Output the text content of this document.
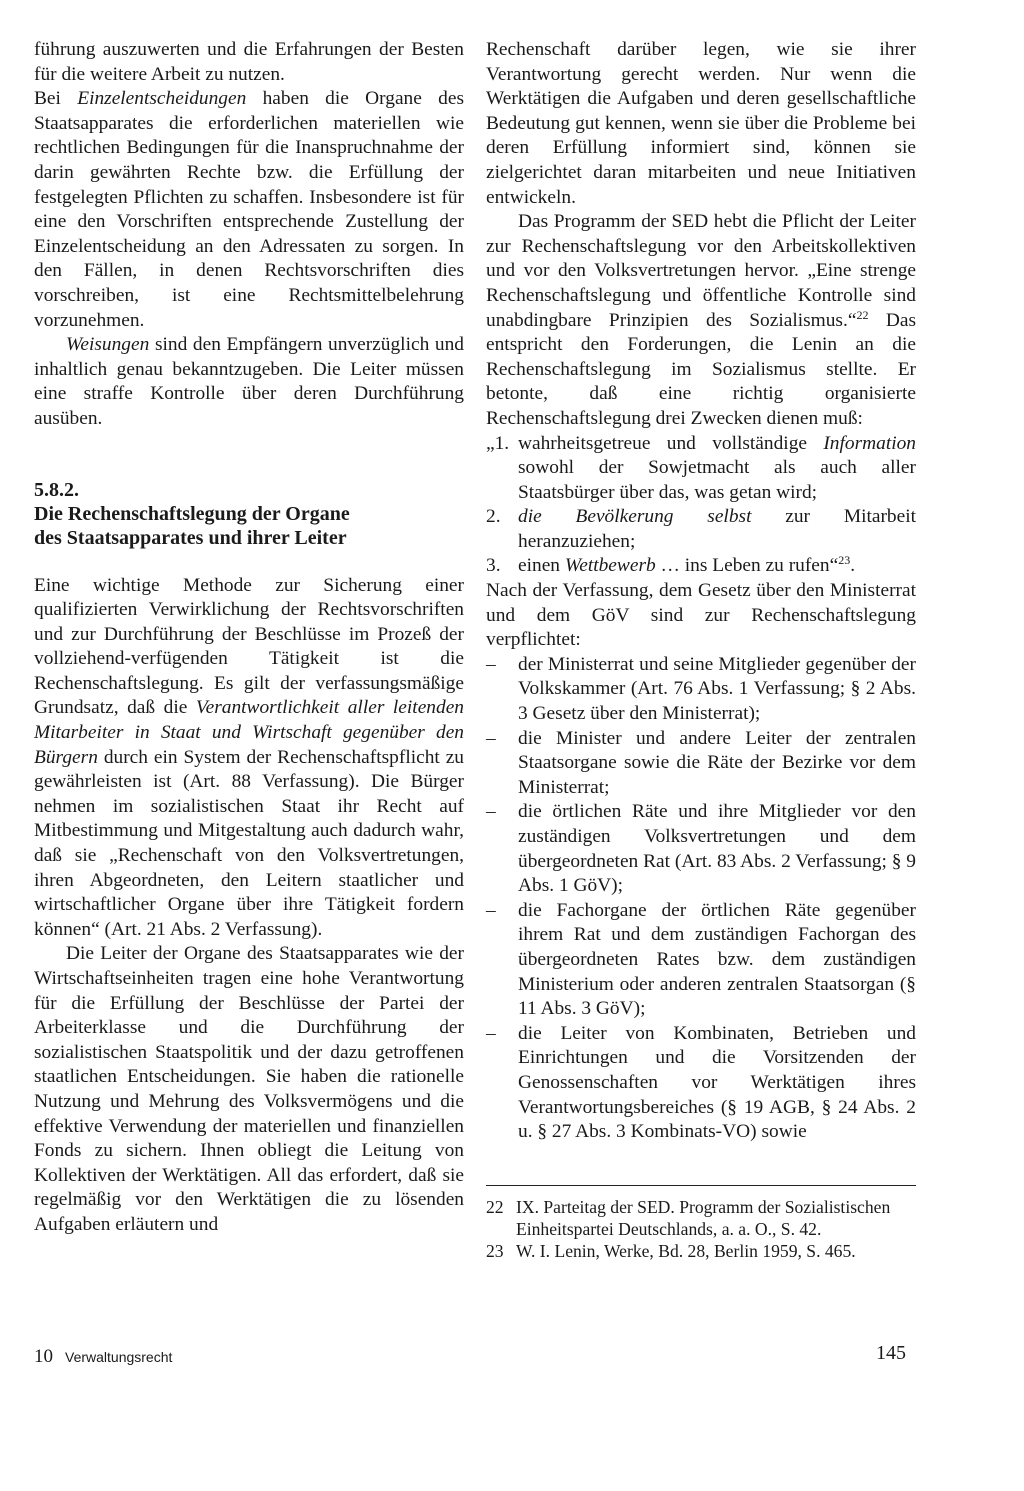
führung auszuwerten und die Erfahrungen der Besten für die weitere Arbeit zu nutzen.

Bei Einzelentscheidungen haben die Organe des Staatsapparates die erforderlichen materiellen wie rechtlichen Bedingungen für die Inanspruchnahme der darin gewährten Rechte bzw. die Erfüllung der festgelegten Pflichten zu schaffen. Insbesondere ist für eine den Vorschriften entsprechende Zustellung der Einzelentscheidung an den Adressaten zu sorgen. In den Fällen, in denen Rechtsvorschriften dies vorschreiben, ist eine Rechtsmittelbelehrung vorzunehmen.

Weisungen sind den Empfängern unverzüglich und inhaltlich genau bekanntzugeben. Die Leiter müssen eine straffe Kontrolle über deren Durchführung ausüben.

5.8.2.
Die Rechenschaftslegung der Organe
des Staatsapparates und ihrer Leiter

Eine wichtige Methode zur Sicherung einer qualifizierten Verwirklichung der Rechtsvorschriften und zur Durchführung der Beschlüsse im Prozeß der vollziehend-verfügenden Tätigkeit ist die Rechenschaftslegung. Es gilt der verfassungsmäßige Grundsatz, daß die Verantwortlichkeit aller leitenden Mitarbeiter in Staat und Wirtschaft gegenüber den Bürgern durch ein System der Rechenschaftspflicht zu gewährleisten ist (Art. 88 Verfassung). Die Bürger nehmen im sozialistischen Staat ihr Recht auf Mitbestimmung und Mitgestaltung auch dadurch wahr, daß sie „Rechenschaft von den Volksvertretungen, ihren Abgeordneten, den Leitern staatlicher und wirtschaftlicher Organe über ihre Tätigkeit fordern können“ (Art. 21 Abs. 2 Verfassung).

Die Leiter der Organe des Staatsapparates wie der Wirtschaftseinheiten tragen eine hohe Verantwortung für die Erfüllung der Beschlüsse der Partei der Arbeiterklasse und die Durchführung der sozialistischen Staatspolitik und der dazu getroffenen staatlichen Entscheidungen. Sie haben die rationelle Nutzung und Mehrung des Volksvermögens und die effektive Verwendung der materiellen und finanziellen Fonds zu sichern. Ihnen obliegt die Leitung von Kollektiven der Werktätigen. All das erfordert, daß sie regelmäßig vor den Werktätigen die zu lösenden Aufgaben erläutern und

Rechenschaft darüber legen, wie sie ihrer Verantwortung gerecht werden. Nur wenn die Werktätigen die Aufgaben und deren gesellschaftliche Bedeutung gut kennen, wenn sie über die Probleme bei deren Erfüllung informiert sind, können sie zielgerichtet daran mitarbeiten und neue Initiativen entwickeln.

Das Programm der SED hebt die Pflicht der Leiter zur Rechenschaftslegung vor den Arbeitskollektiven und vor den Volksvertretungen hervor. „Eine strenge Rechenschaftslegung und öffentliche Kontrolle sind unabdingbare Prinzipien des Sozialismus.“$^{22}$ Das entspricht den Forderungen, die Lenin an die Rechenschaftslegung im Sozialismus stellte. Er betonte, daß eine richtig organisierte Rechenschaftslegung drei Zwecken dienen muß:

„1. wahrheitsgetreue und vollständige Information sowohl der Sowjetmacht als auch aller Staatsbürger über das, was getan wird;
2. die Bevölkerung selbst zur Mitarbeit heranzuziehen;
3. einen Wettbewerb … ins Leben zu rufen“$^{23}$.

Nach der Verfassung, dem Gesetz über den Ministerrat und dem GöV sind zur Rechenschaftslegung verpflichtet:

–	der Ministerrat und seine Mitglieder gegenüber der Volkskammer (Art. 76 Abs. 1 Verfassung; § 2 Abs. 3 Gesetz über den Ministerrat);
–	die Minister und andere Leiter der zentralen Staatsorgane sowie die Räte der Bezirke vor dem Ministerrat;
–	die örtlichen Räte und ihre Mitglieder vor den zuständigen Volksvertretungen und dem übergeordneten Rat (Art. 83 Abs. 2 Verfassung; § 9 Abs. 1 GöV);
–	die Fachorgane der örtlichen Räte gegenüber ihrem Rat und dem zuständigen Fachorgan des übergeordneten Rates bzw. dem zuständigen Ministerium oder anderen zentralen Staatsorgan (§ 11 Abs. 3 GöV);
–	die Leiter von Kombinaten, Betrieben und Einrichtungen und die Vorsitzenden der Genossenschaften vor Werktätigen ihres Verantwortungsbereiches (§ 19 AGB, § 24 Abs. 2 u. § 27 Abs. 3 Kombinats-VO) sowie
22 IX. Parteitag der SED. Programm der Sozialistischen Einheitspartei Deutschlands, a. a. O., S. 42.
23 W. I. Lenin, Werke, Bd. 28, Berlin 1959, S. 465.
10 Verwaltungsrecht	145
